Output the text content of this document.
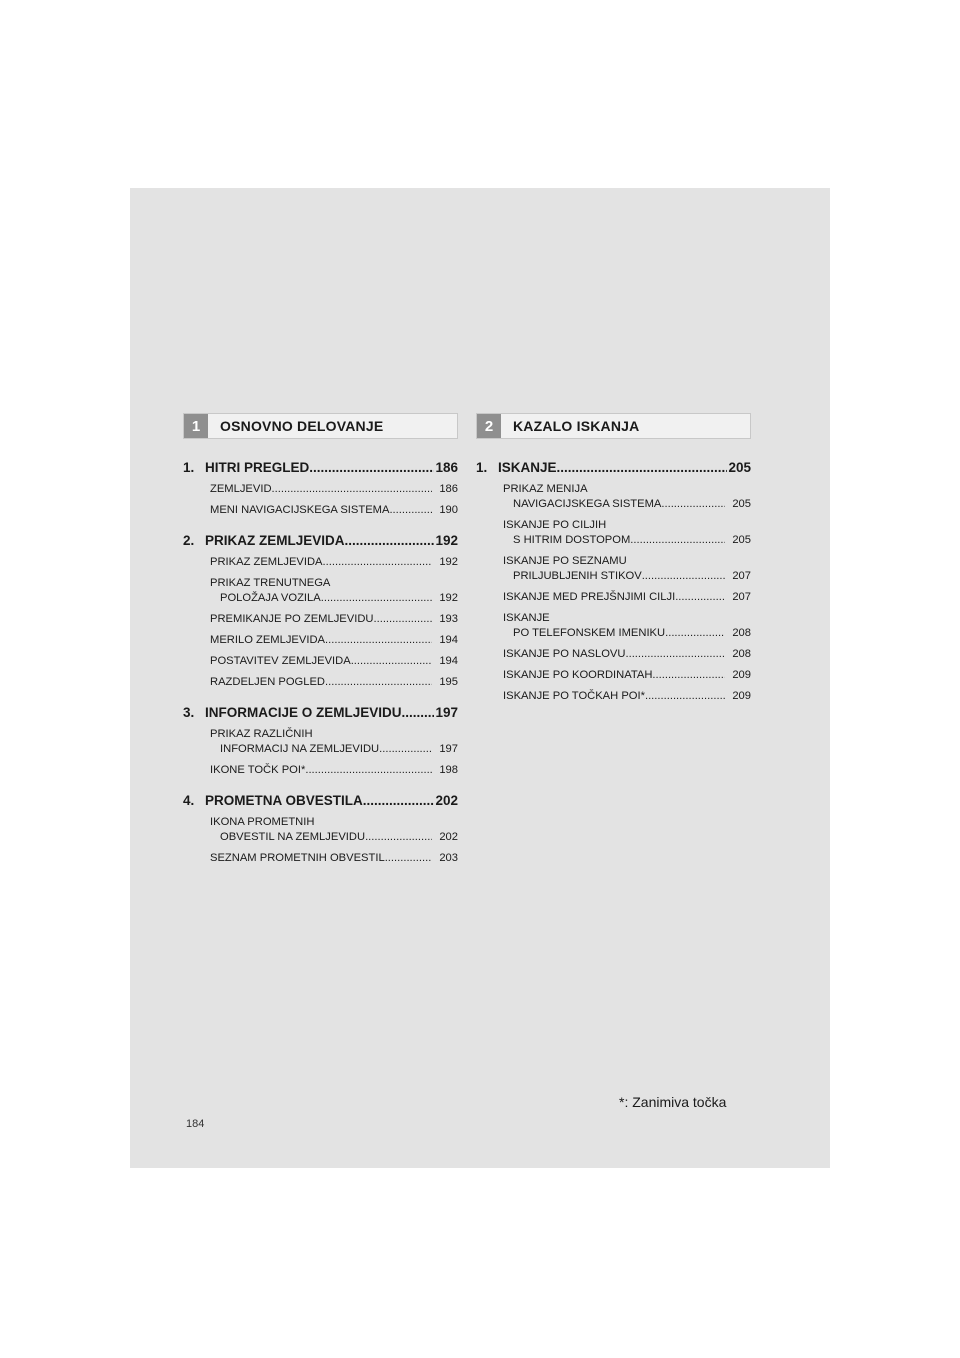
1	OSNOVNO DELOVANJE
1. HITRI PREGLED .....	186
ZEMLJEVID .....	186
MENI NAVIGACIJSKEGA SISTEMA .....	190
2. PRIKAZ ZEMLJEVIDA .....	192
PRIKAZ ZEMLJEVIDA .....	192
PRIKAZ TRENUTNEGA
POLOŽAJA VOZILA .....	192
PREMIKANJE PO ZEMLJEVIDU .....	193
MERILO ZEMLJEVIDA .....	194
POSTAVITEV ZEMLJEVIDA .....	194
RAZDELJEN POGLED .....	195
3. INFORMACIJE O ZEMLJEVIDU .....	197
PRIKAZ RAZLIČNIH
INFORMACIJ NA ZEMLJEVIDU .....	197
IKONE TOČK POI* .....	198
4. PROMETNA OBVESTILA .....	202
IKONA PROMETNIH
OBVESTIL NA ZEMLJEVIDU .....	202
SEZNAM PROMETNIH OBVESTIL .....	203
2	KAZALO ISKANJA
1. ISKANJE .....	205
PRIKAZ MENIJA
NAVIGACIJSKEGA SISTEMA .....	205
ISKANJE PO CILJIH
S HITRIM DOSTOPOM .....	205
ISKANJE PO SEZNAMU
PRILJUBLJENIH STIKOV .....	207
ISKANJE MED PREJŠNJIMI CILJI .....	207
ISKANJE
PO TELEFONSKEM IMENIKU .....	208
ISKANJE PO NASLOVU .....	208
ISKANJE PO KOORDINATAH .....	209
ISKANJE PO TOČKAH POI* .....	209
*: Zanimiva točka
184
